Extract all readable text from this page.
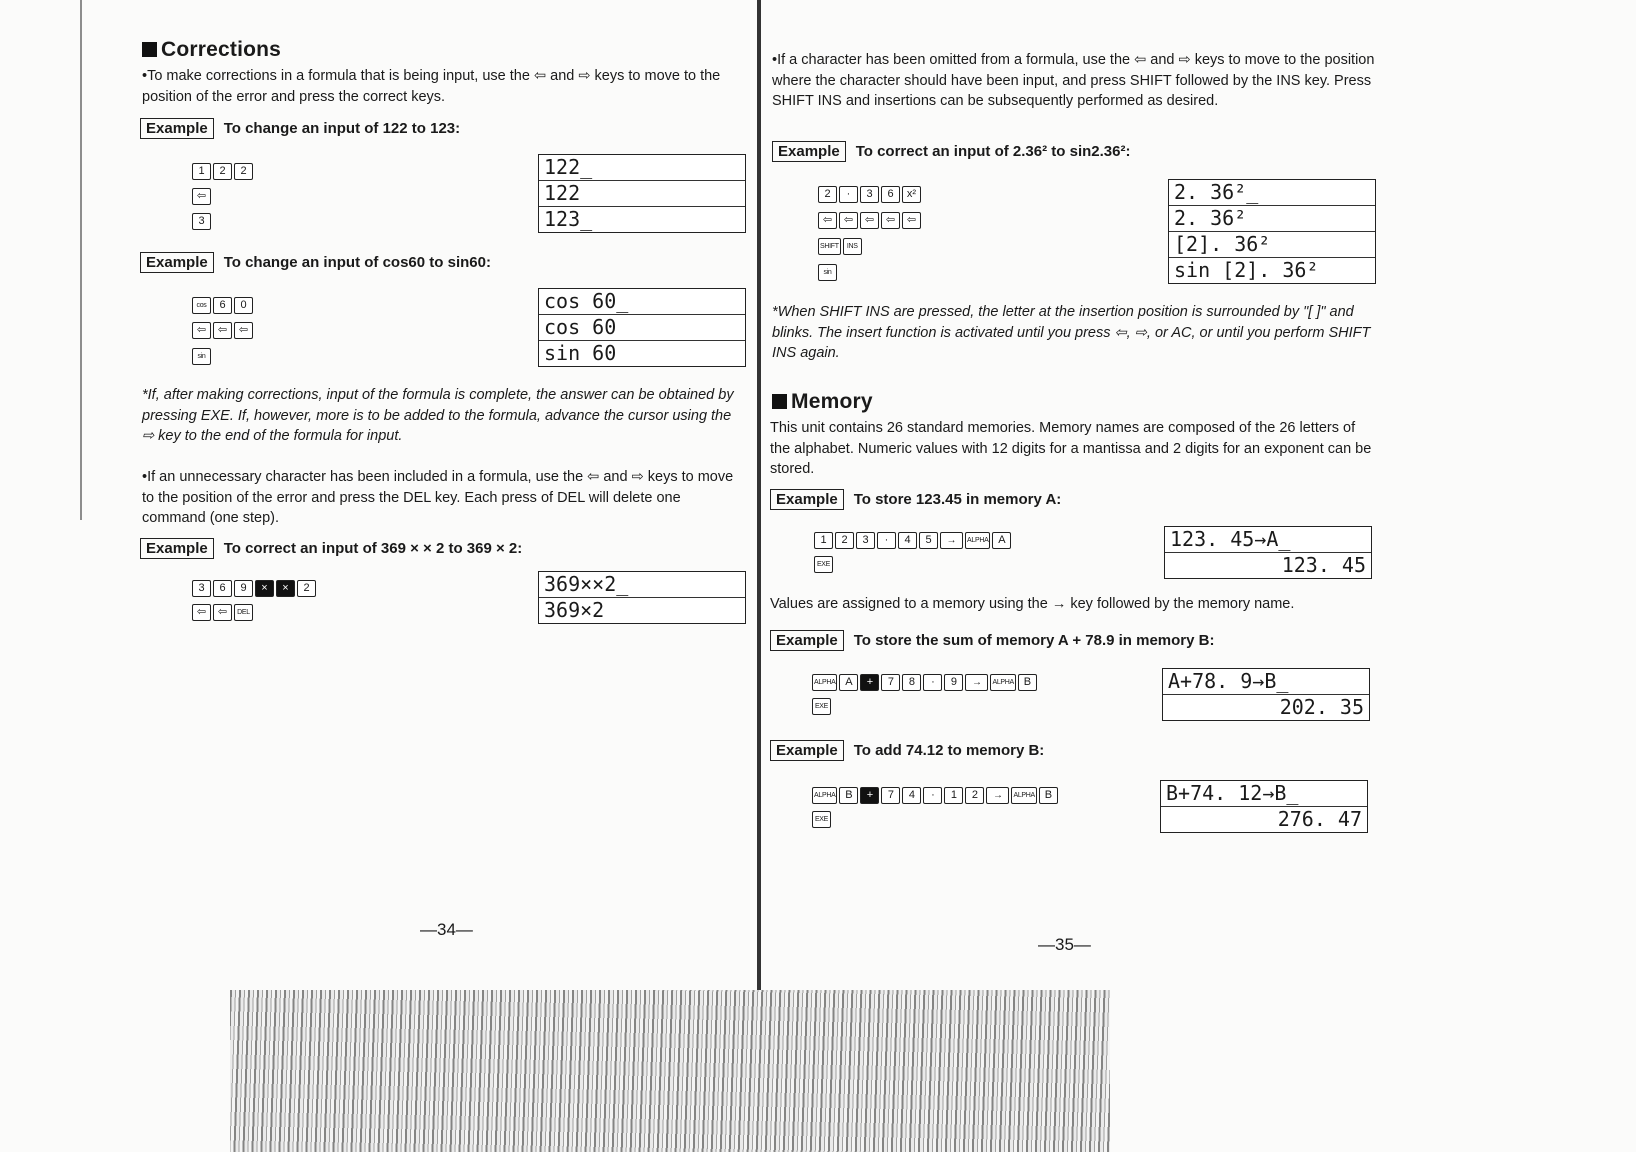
Corrections
•To make corrections in a formula that is being input, use the ⇦ and ⇨ keys to move to the position of the error and press the correct keys.
Example To change an input of 122 to 123:
1 2 2
⇦
3
122_
122
123_
Example To change an input of cos60 to sin60:
cos 6 0
⇦ ⇦ ⇦
sin
cos 60_
cos 60
sin 60
*If, after making corrections, input of the formula is complete, the answer can be obtained by pressing EXE. If, however, more is to be added to the formula, advance the cursor using the ⇨ key to the end of the formula for input.
•If an unnecessary character has been included in a formula, use the ⇦ and ⇨ keys to move to the position of the error and press the DEL key. Each press of DEL will delete one command (one step).
Example To correct an input of 369 × × 2 to 369 × 2:
3 6 9 × × 2
⇦ ⇦ DEL
369××2_
369×2
—34—
•If a character has been omitted from a formula, use the ⇦ and ⇨ keys to move to the position where the character should have been input, and press SHIFT followed by the INS key. Press SHIFT INS and insertions can be subsequently performed as desired.
Example To correct an input of 2.36² to sin2.36²:
2 · 3 6 x²
⇦ ⇦ ⇦ ⇦ ⇦
SHIFT INS
sin
2. 36²_
2. 36²
[2]. 36²
sin [2]. 36²
*When SHIFT INS are pressed, the letter at the insertion position is surrounded by "[ ]" and blinks. The insert function is activated until you press ⇦, ⇨, or AC, or until you perform SHIFT INS again.
Memory
This unit contains 26 standard memories. Memory names are composed of the 26 letters of the alphabet. Numeric values with 12 digits for a mantissa and 2 digits for an exponent can be stored.
Example To store 123.45 in memory A:
1 2 3 · 4 5 → ALPHA A
EXE
123. 45→A_
123. 45
Values are assigned to a memory using the → key followed by the memory name.
Example To store the sum of memory A + 78.9 in memory B:
ALPHA A + 7 8 · 9 → ALPHA B
EXE
A+78. 9→B_
202. 35
Example To add 74.12 to memory B:
ALPHA B + 7 4 · 1 2 → ALPHA B
EXE
B+74. 12→B_
276. 47
—35—
